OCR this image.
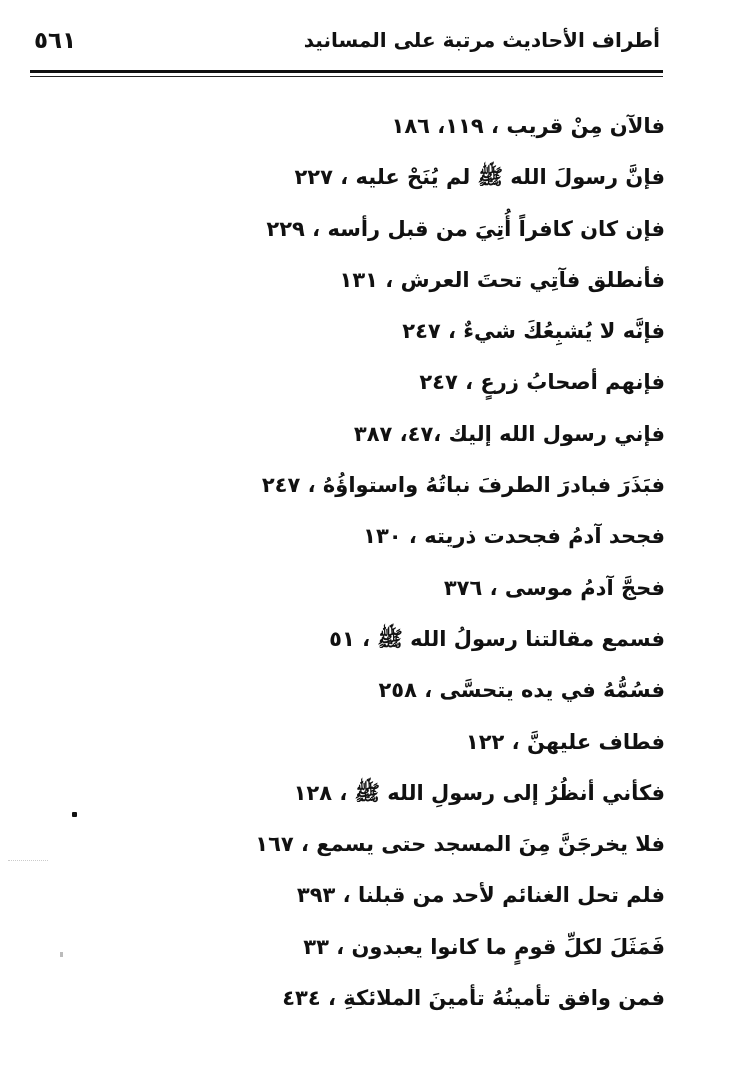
٥٦١	أطراف الأحاديث مرتبة على المسانيد
فالآن مِنْ قريب ، ١١٩، ١٨٦
فإنَّ رسولَ الله ﷺ لم يُنَحْ عليه ، ٢٢٧
فإن كان كافراً أُتِيَ من قبل رأسه ، ٢٢٩
فأنطلق فآتِي تحتَ العرش ، ١٣١
فإنَّه لا يُشبِعُكَ شيءٌ ، ٢٤٧
فإنهم أصحابُ زرعٍ ، ٢٤٧
فإني رسول الله إليك ،٤٧، ٣٨٧
فبَذَرَ فبادرَ الطرفَ نباتُهُ واستواؤُهُ ، ٢٤٧
فجحد آدمُ فجحدت ذريته ، ١٣٠
فحجَّ آدمُ موسى ، ٣٧٦
فسمع مقالتنا رسولُ الله ﷺ ، ٥١
فسُمُّهُ في يده يتحسَّى ، ٢٥٨
فطاف عليهنَّ ، ١٢٢
فكأني أنظُرُ إلى رسولِ الله ﷺ ، ١٢٨
فلا يخرجَنَّ مِنَ المسجد حتى يسمع ، ١٦٧
فلم تحل الغنائم لأحد من قبلنا ، ٣٩٣
فَمَثَلَ لكلِّ قومٍ ما كانوا يعبدون ، ٣٣
فمن وافق تأمينُهُ تأمينَ الملائكةِ ، ٤٣٤
